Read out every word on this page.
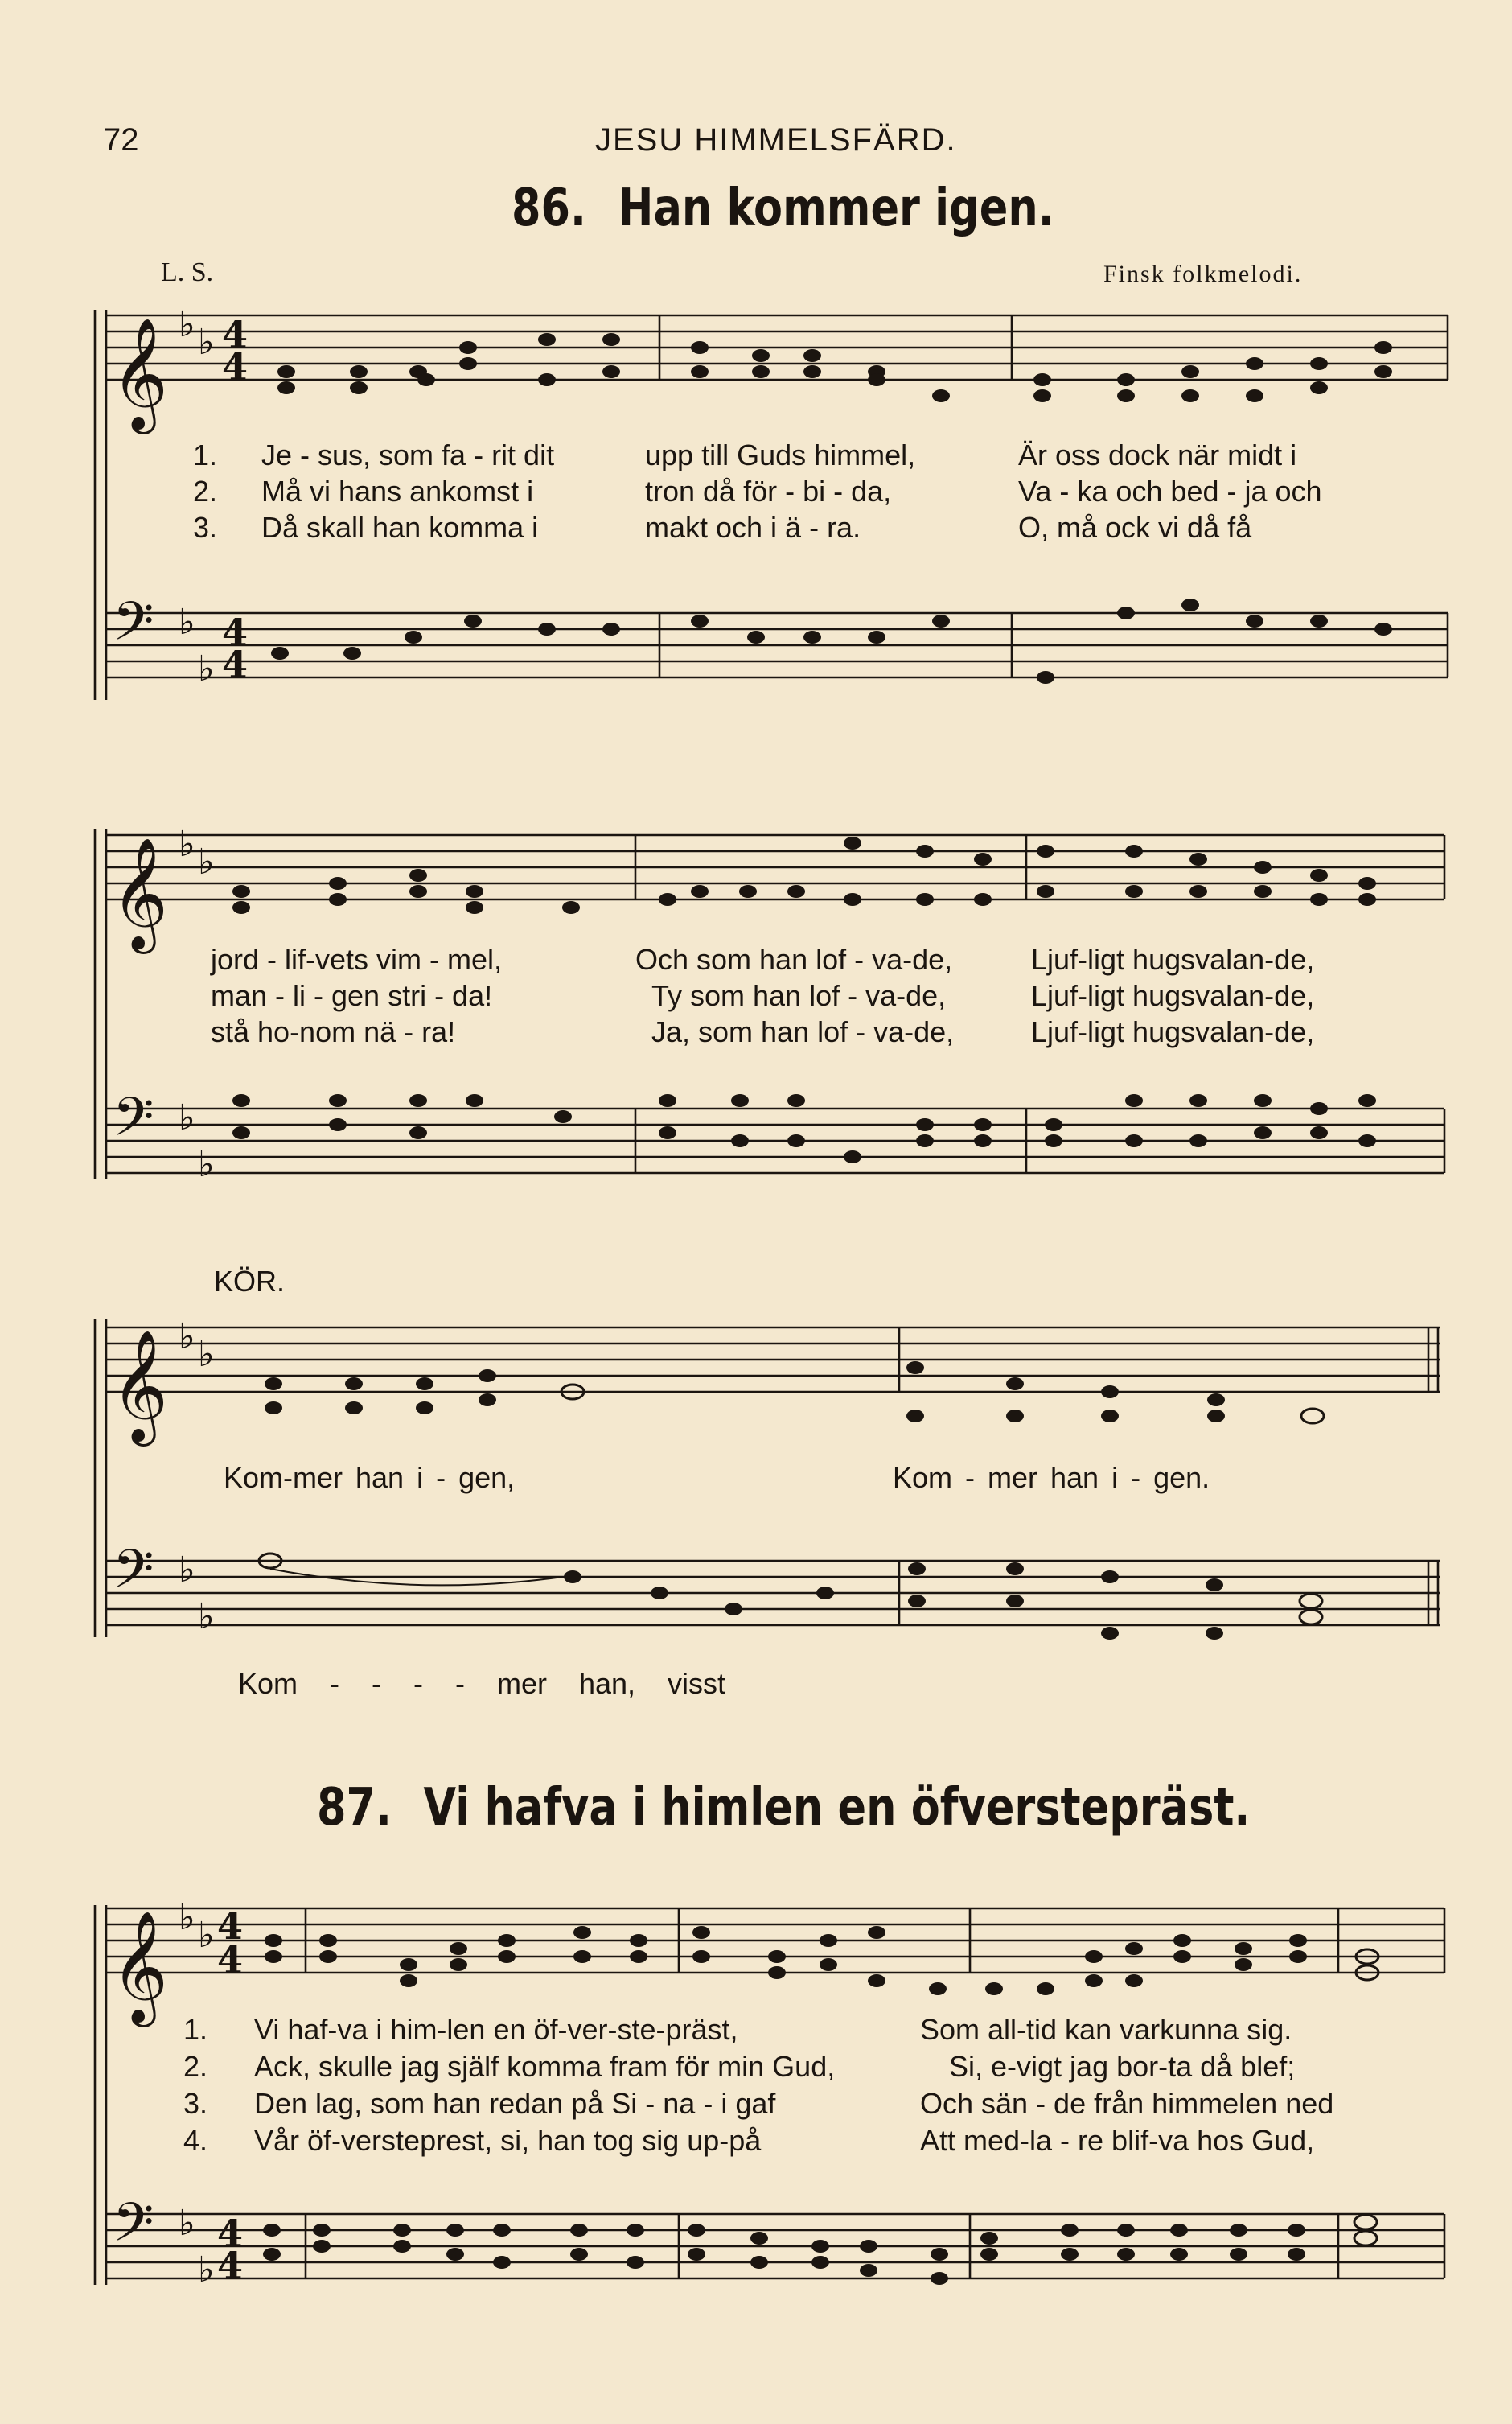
72	JESU HIMMELSFÄRD.
86. Han kommer igen.
L. S.	Finsk folkmelodi.
𝄞 ♭ ♭ 4
4
𝄢 ♭
♭
4
4
1. Je - sus, som fa - rit dit	upp till Guds himmel,	Är oss dock när midt i
2. Må vi hans ankomst i	tron då för - bi - da,	Va - ka och bed - ja och
3. Då skall han komma i	makt och i ä - ra.	O, må ock vi då få
𝄞 ♭ ♭
𝄢 ♭
♭
jord - lif-vets vim - mel,	Och som han lof - va-de,	Ljuf-ligt hugsvalan-de,
man - li - gen stri - da!	Ty som han lof - va-de,	Ljuf-ligt hugsvalan-de,
stå ho-nom nä - ra!	Ja, som han lof - va-de,	Ljuf-ligt hugsvalan-de,
KÖR.
𝄞 ♭ ♭
𝄢 ♭
♭
Kom-mer han i - gen,	Kom - mer han i - gen.
Kom - - - - mer han, visst
87. Vi hafva i himlen en öfverstepräst.
𝄞 ♭ ♭ 4
4
𝄢 ♭
♭
4
4
1. Vi haf-va i him-len en öf-ver-ste-präst,	Som all-tid kan varkunna sig.
2. Ack, skulle jag själf komma fram för min Gud,	Si, e-vigt jag bor-ta då blef;
3. Den lag, som han redan på Si - na - i gaf	Och sän - de från himmelen ned
4. Vår öf-versteprest, si, han tog sig up-på	Att med-la - re blif-va hos Gud,
